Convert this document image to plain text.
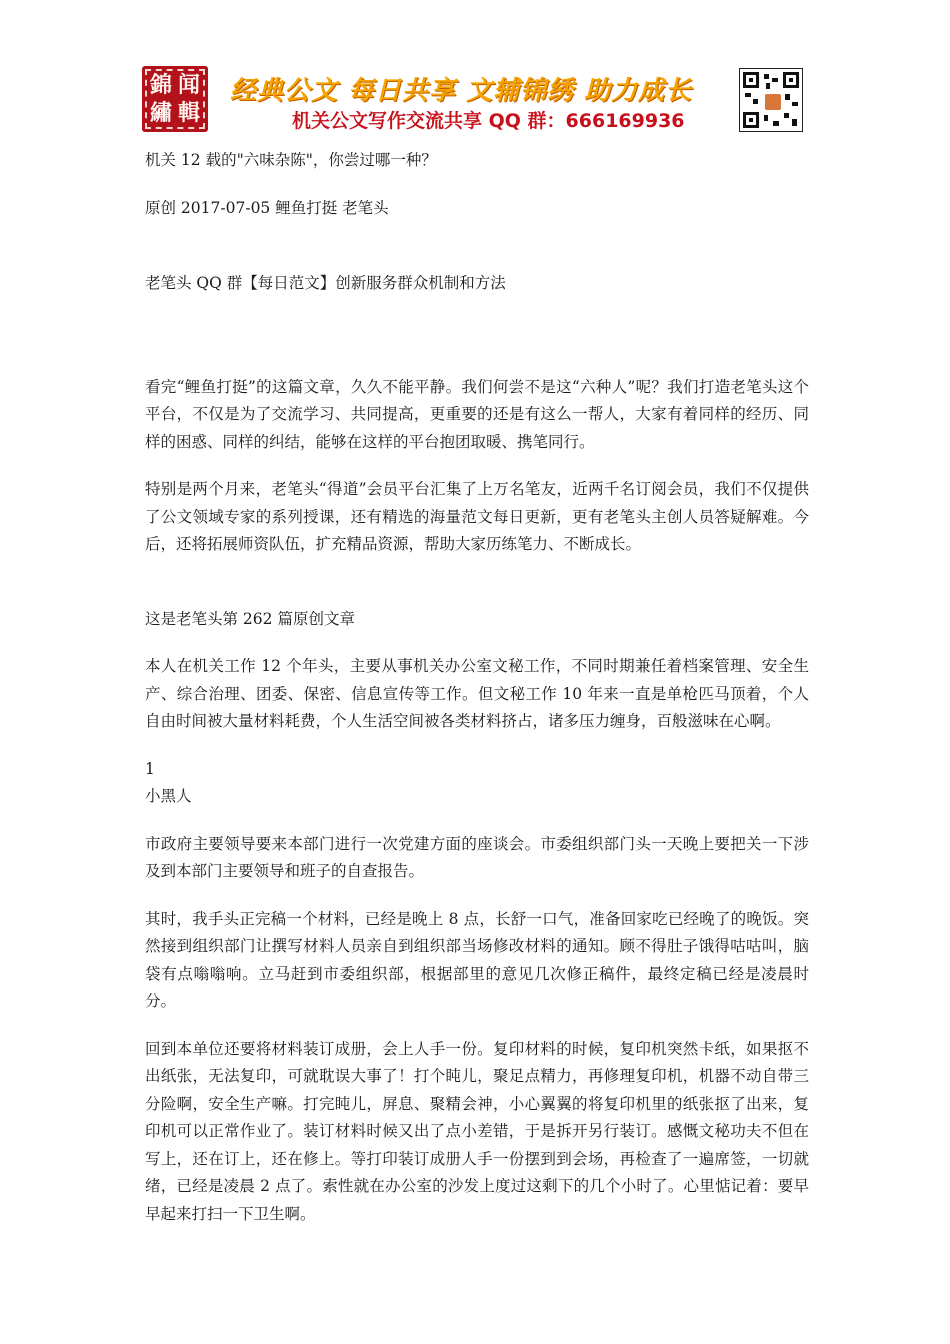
錦 闻
繡 輯
经典公文 每日共享 文辅锦绣 助力成长
机关公文写作交流共享 QQ 群：666169936

机关 12 载的"六味杂陈"，你尝过哪一种？

原创 2017-07-05 鲤鱼打挺 老笔头

老笔头 QQ 群【每日范文】创新服务群众机制和方法

看完“鲤鱼打挺”的这篇文章，久久不能平静。我们何尝不是这“六种人”呢？我们打造老笔头这个平台，不仅是为了交流学习、共同提高，更重要的还是有这么一帮人，大家有着同样的经历、同样的困惑、同样的纠结，能够在这样的平台抱团取暖、携笔同行。

特别是两个月来，老笔头“得道”会员平台汇集了上万名笔友，近两千名订阅会员，我们不仅提供了公文领域专家的系列授课，还有精选的海量范文每日更新，更有老笔头主创人员答疑解难。今后，还将拓展师资队伍，扩充精品资源，帮助大家历练笔力、不断成长。

这是老笔头第 262 篇原创文章

本人在机关工作 12 个年头，主要从事机关办公室文秘工作，不同时期兼任着档案管理、安全生产、综合治理、团委、保密、信息宣传等工作。但文秘工作 10 年来一直是单枪匹马顶着，个人自由时间被大量材料耗费，个人生活空间被各类材料挤占，诸多压力缠身，百般滋味在心啊。

1

小黑人

市政府主要领导要来本部门进行一次党建方面的座谈会。市委组织部门头一天晚上要把关一下涉及到本部门主要领导和班子的自查报告。

其时，我手头正完稿一个材料，已经是晚上 8 点，长舒一口气，准备回家吃已经晚了的晚饭。突然接到组织部门让撰写材料人员亲自到组织部当场修改材料的通知。顾不得肚子饿得咕咕叫，脑袋有点嗡嗡响。立马赶到市委组织部，根据部里的意见几次修正稿件，最终定稿已经是凌晨时分。

回到本单位还要将材料装订成册，会上人手一份。复印材料的时候，复印机突然卡纸，如果抠不出纸张，无法复印，可就耽误大事了！打个盹儿，聚足点精力，再修理复印机，机器不动自带三分险啊，安全生产嘛。打完盹儿，屏息、聚精会神，小心翼翼的将复印机里的纸张抠了出来，复印机可以正常作业了。装订材料时候又出了点小差错，于是拆开另行装订。感慨文秘功夫不但在写上，还在订上，还在修上。等打印装订成册人手一份摆到到会场，再检查了一遍席签，一切就绪，已经是凌晨 2 点了。索性就在办公室的沙发上度过这剩下的几个小时了。心里惦记着：要早早起来打扫一下卫生啊。
